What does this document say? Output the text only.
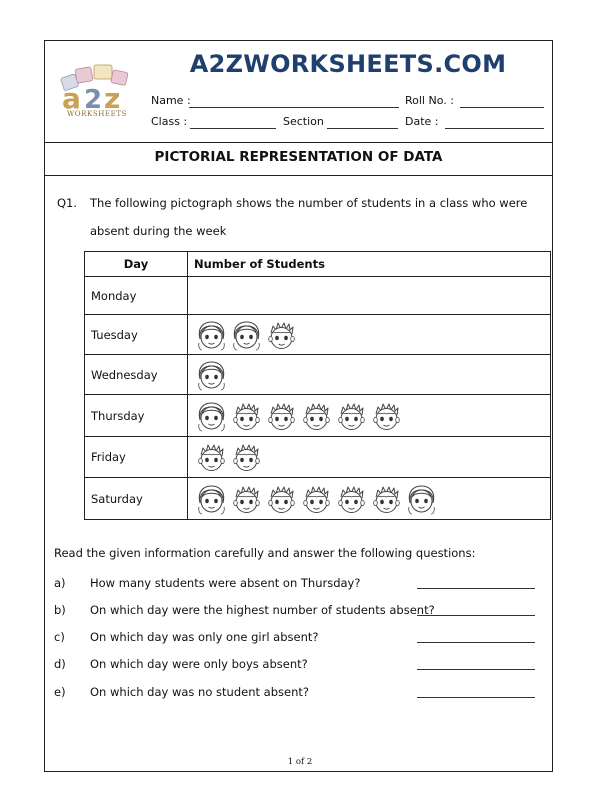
a 2 z
WORKSHEETS
A2ZWORKSHEETS.COM
Name :	Roll No. :
Class :	Section	Date :
PICTORIAL REPRESENTATION OF DATA
Q1. The following pictograph shows the number of students in a class who were absent during the week
Day	Number of Students
Monday	

Tuesday	

Wednesday	

Thursday	

Friday	

Saturday	
Read the given information carefully and answer the following questions:
a) How many students were absent on Thursday?
b) On which day were the highest number of students absent?
c) On which day was only one girl absent?
d) On which day were only boys absent?
e) On which day was no student absent?
1 of 2
